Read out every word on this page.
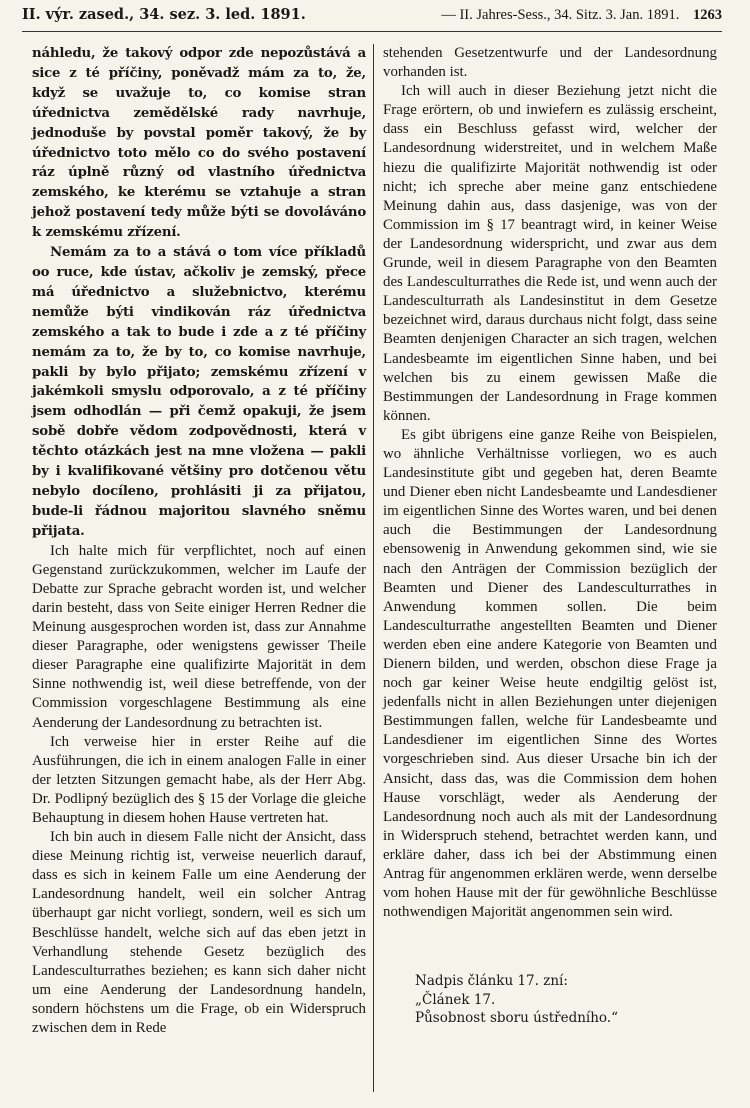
II. výr. zased., 34. sez. 3. led. 1891.	— II. Jahres-Sess., 34. Sitz. 3. Jan. 1891. 1263

náhledu, že takový odpor zde nepozůstává a sice z té příčiny, poněvadž mám za to, že, když se uvažuje to, co komise stran úřednictva zemědělské rady navrhuje, jednoduše by povstal poměr takový, že by úřednictvo toto mělo co do svého postavení ráz úplně různý od vlastního úřednictva zemského, ke kterému se vztahuje a stran jehož postavení tedy může býti se dovoláváno k zemskému zřízení.

Nemám za to a stává o tom více příkladů oo ruce, kde ústav, ačkoliv je zemský, přece má úřednictvo a služebnictvo, kterému nemůže býti vindikován ráz úřednictva zemského a tak to bude i zde a z té příčiny nemám za to, že by to, co komise navrhuje, pakli by bylo přijato; zemskému zřízení v jakémkoli smyslu odporovalo, a z té příčiny jsem odhodlán — při čemž opakuji, že jsem sobě dobře vědom zodpovědnosti, která v těchto otázkách jest na mne vložena — pakli by i kvalifikované většiny pro dotčenou větu nebylo docíleno, prohlásiti ji za přijatou, bude-li řádnou majoritou slavného sněmu přijata.

Ich halte mich für verpflichtet, noch auf einen Gegenstand zurückzukommen, welcher im Laufe der Debatte zur Sprache gebracht worden ist, und welcher darin besteht, dass von Seite einiger Herren Redner die Meinung ausgesprochen worden ist, dass zur Annahme dieser Paragraphe, oder wenigstens gewisser Theile dieser Paragraphe eine qualifizirte Majorität in dem Sinne nothwendig ist, weil diese betreffende, von der Commission vorgeschlagene Bestimmung als eine Aenderung der Landesordnung zu betrachten ist.

Ich verweise hier in erster Reihe auf die Ausführungen, die ich in einem analogen Falle in einer der letzten Sitzungen gemacht habe, als der Herr Abg. Dr. Podlipný bezüglich des § 15 der Vorlage die gleiche Behauptung in diesem hohen Hause vertreten hat.

Ich bin auch in diesem Falle nicht der Ansicht, dass diese Meinung richtig ist, verweise neuerlich darauf, dass es sich in keinem Falle um eine Aenderung der Landesordnung handelt, weil ein solcher Antrag überhaupt gar nicht vorliegt, sondern, weil es sich um Beschlüsse handelt, welche sich auf das eben jetzt in Verhandlung stehende Gesetz bezüglich des Landesculturrathes beziehen; es kann sich daher nicht um eine Aenderung der Landesordnung handeln, sondern höchstens um die Frage, ob ein Widerspruch zwischen dem in Rede

stehenden Gesetzentwurfe und der Landesordnung vorhanden ist.

Ich will auch in dieser Beziehung jetzt nicht die Frage erörtern, ob und inwiefern es zulässig erscheint, dass ein Beschluss gefasst wird, welcher der Landesordnung widerstreitet, und in welchem Maße hiezu die qualifizirte Majorität nothwendig ist oder nicht; ich spreche aber meine ganz entschiedene Meinung dahin aus, dass dasjenige, was von der Commission im § 17 beantragt wird, in keiner Weise der Landesordnung widerspricht, und zwar aus dem Grunde, weil in diesem Paragraphe von den Beamten des Landesculturrathes die Rede ist, und wenn auch der Landesculturrath als Landesinstitut in dem Gesetze bezeichnet wird, daraus durchaus nicht folgt, dass seine Beamten denjenigen Character an sich tragen, welchen Landesbeamte im eigentlichen Sinne haben, und bei welchen bis zu einem gewissen Maße die Bestimmungen der Landesordnung in Frage kommen können.

Es gibt übrigens eine ganze Reihe von Beispielen, wo ähnliche Verhältnisse vorliegen, wo es auch Landesinstitute gibt und gegeben hat, deren Beamte und Diener eben nicht Landesbeamte und Landesdiener im eigentlichen Sinne des Wortes waren, und bei denen auch die Bestimmungen der Landesordnung ebensowenig in Anwendung gekommen sind, wie sie nach den Anträgen der Commission bezüglich der Beamten und Diener des Landesculturrathes in Anwendung kommen sollen. Die beim Landesculturrathe angestellten Beamten und Diener werden eben eine andere Kategorie von Beamten und Dienern bilden, und werden, obschon diese Frage ja noch gar keiner Weise heute endgiltig gelöst ist, jedenfalls nicht in allen Beziehungen unter diejenigen Bestimmungen fallen, welche für Landesbeamte und Landesdiener im eigentlichen Sinne des Wortes vorgeschrieben sind. Aus dieser Ursache bin ich der Ansicht, dass das, was die Commission dem hohen Hause vorschlägt, weder als Aenderung der Landesordnung noch auch als mit der Landesordnung in Widerspruch stehend, betrachtet werden kann, und erkläre daher, dass ich bei der Abstimmung einen Antrag für angenommen erklären werde, wenn derselbe vom hohen Hause mit der für gewöhnliche Beschlüsse nothwendigen Majorität angenommen sein wird.

Nadpis článku 17. zní:

„Článek 17.

Působnost sboru ústředního.“
